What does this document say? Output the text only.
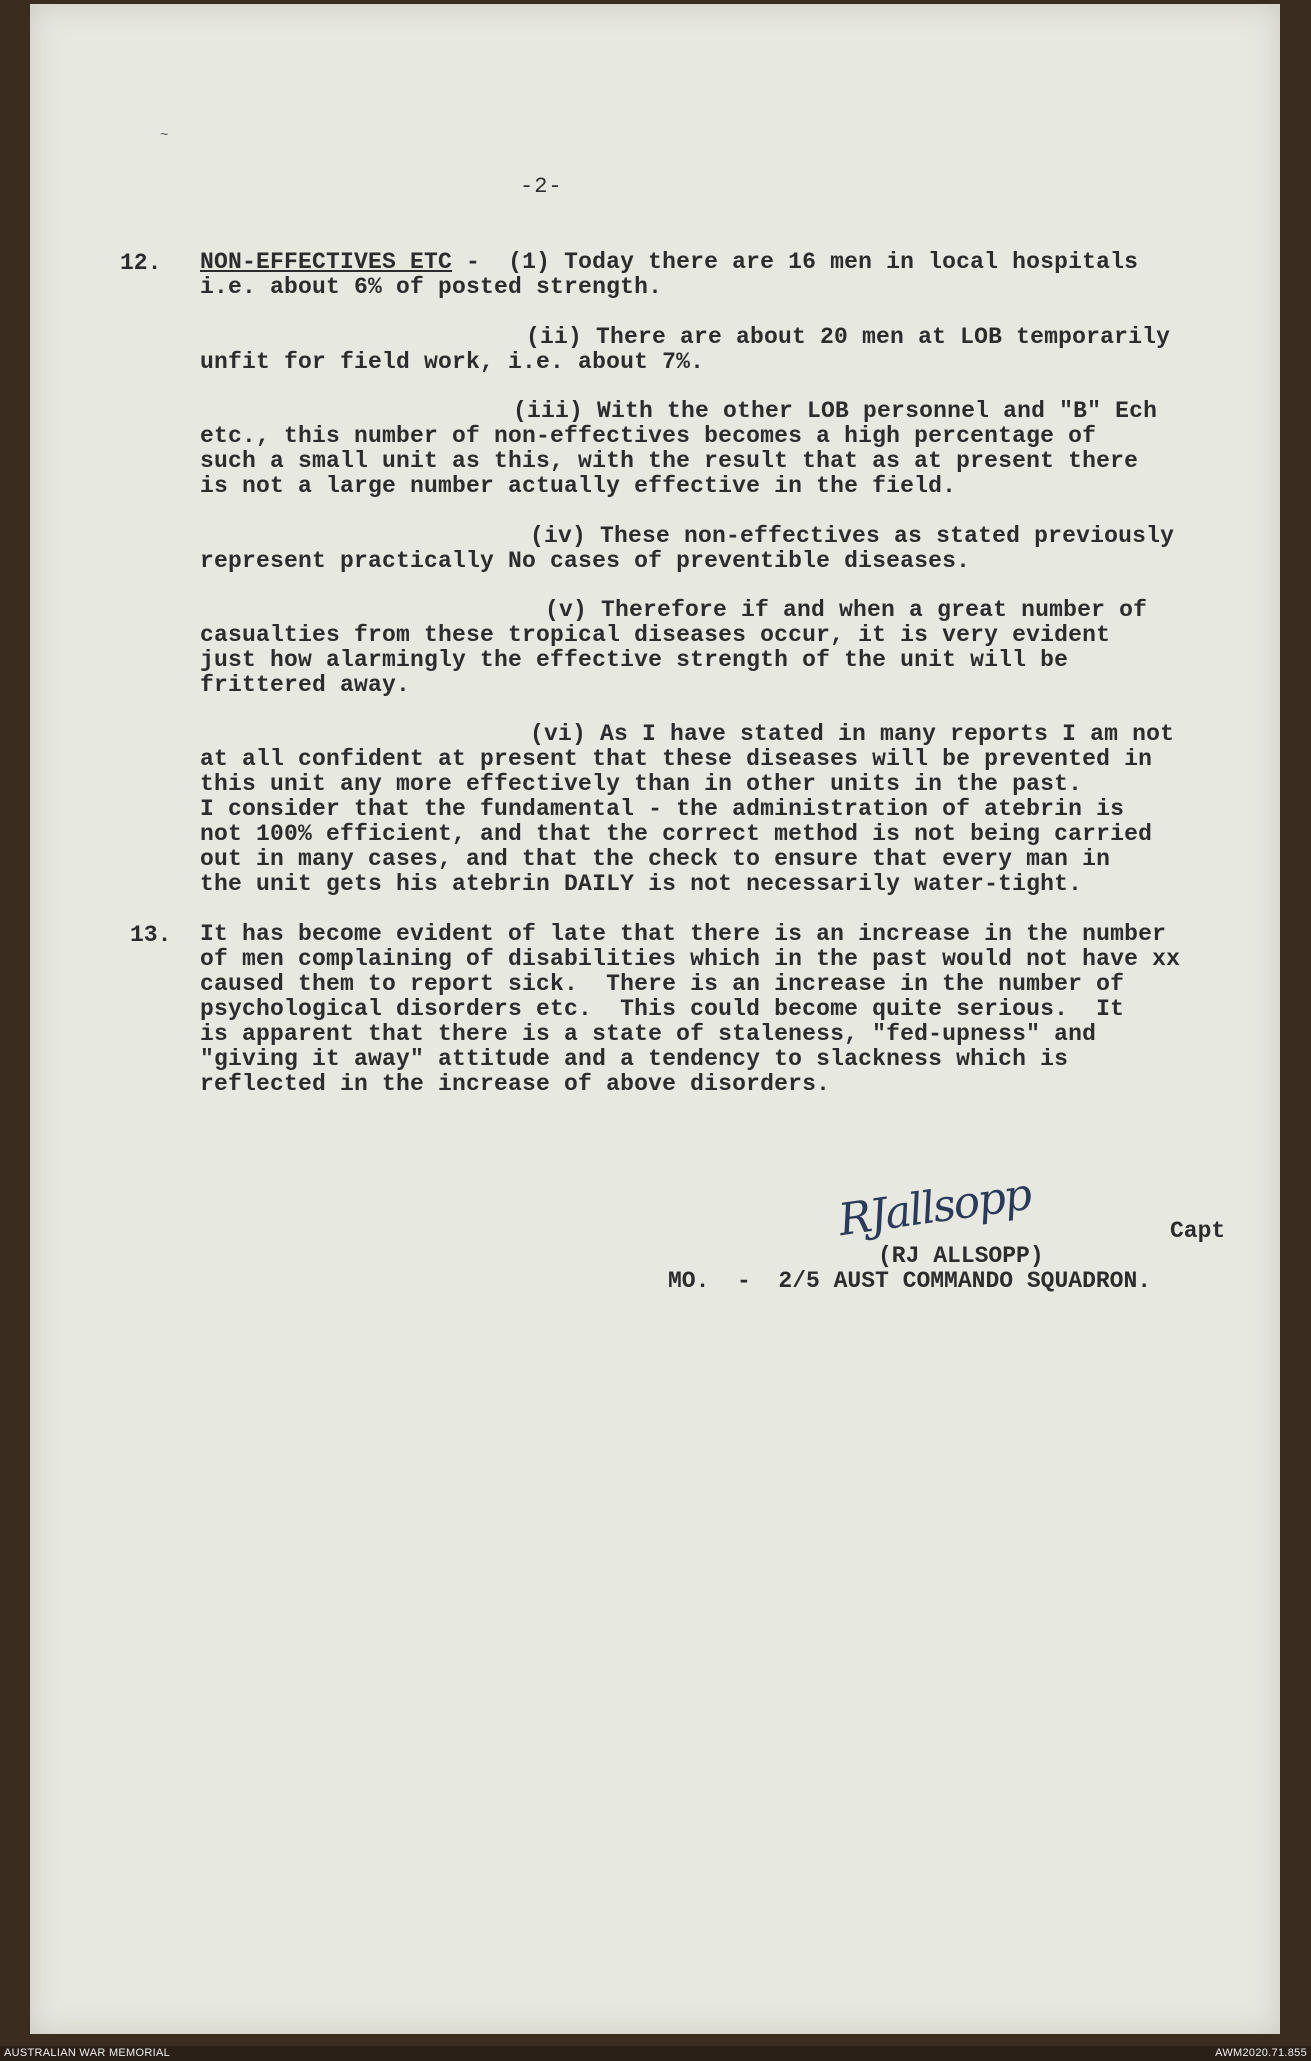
~
-2-
12. NON-EFFECTIVES ETC -  (1) Today there are 16 men in local hospitals
i.e. about 6% of posted strength.
(ii) There are about 20 men at LOB temporarily
unfit for field work, i.e. about 7%.
(iii) With the other LOB personnel and "B" Ech
etc., this number of non-effectives becomes a high percentage of
such a small unit as this, with the result that as at present there
is not a large number actually effective in the field.
(iv) These non-effectives as stated previously
represent practically No cases of preventible diseases.
(v) Therefore if and when a great number of
casualties from these tropical diseases occur, it is very evident
just how alarmingly the effective strength of the unit will be
frittered away.
(vi) As I have stated in many reports I am not
at all confident at present that these diseases will be prevented in
this unit any more effectively than in other units in the past.
I consider that the fundamental - the administration of atebrin is
not 100% efficient, and that the correct method is not being carried
out in many cases, and that the check to ensure that every man in
the unit gets his atebrin DAILY is not necessarily water-tight.
13. It has become evident of late that there is an increase in the number
of men complaining of disabilities which in the past would not have xx
caused them to report sick.  There is an increase in the number of
psychological disorders etc.  This could become quite serious.  It
is apparent that there is a state of staleness, "fed-upness" and
"giving it away" attitude and a tendency to slackness which is
reflected in the increase of above disorders.
RJallsopp	Capt
(RJ ALLSOPP)
MO.  -  2/5 AUST COMMANDO SQUADRON.
AUSTRALIAN WAR MEMORIAL	AWM2020.71.855
